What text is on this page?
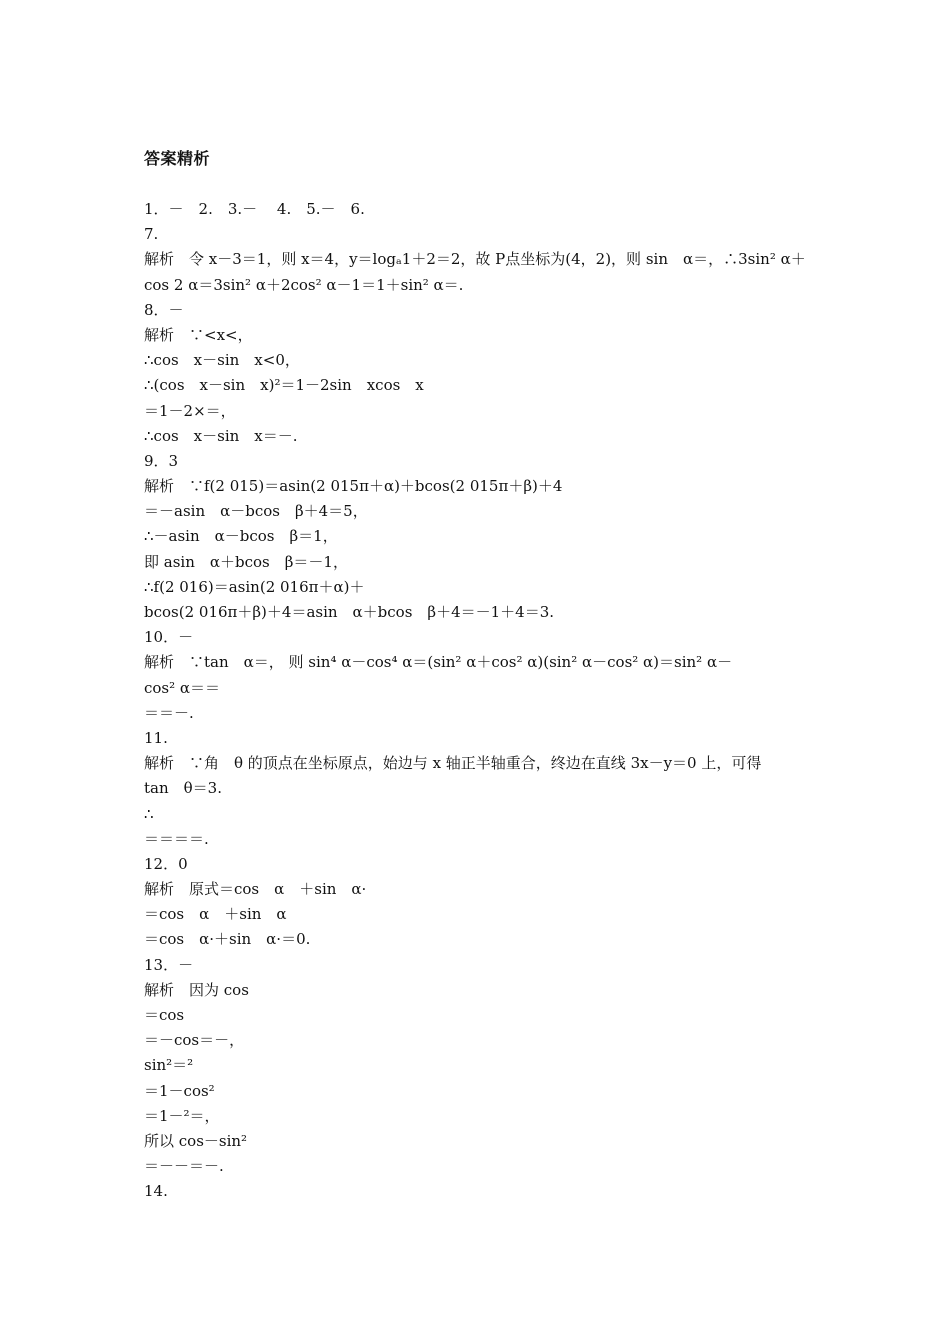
答案精析
1．－　2.　3.－　 4.　5.－　6.
7.
解析　令 x－3＝1，则 x＝4，y＝logₐ1＋2＝2，故 P点坐标为(4，2)，则 sin　α＝，∴3sin² α＋
cos 2 α＝3sin² α＋2cos² α－1＝1＋sin² α＝.
8．－
解析　∵<x<，
∴cos　x－sin　x<0，
∴(cos　x－sin　x)²＝1－2sin　xcos　x
＝1－2×＝，
∴cos　x－sin　x＝－.
9．3
解析　∵f(2 015)＝asin(2 015π＋α)＋bcos(2 015π＋β)＋4
＝－asin　α－bcos　β＋4＝5，
∴－asin　α－bcos　β＝1，
即 asin　α＋bcos　β＝－1，
∴f(2 016)＝asin(2 016π＋α)＋
bcos(2 016π＋β)＋4＝asin　α＋bcos　β＋4＝－1＋4＝3.
10．－
解析　∵tan　α＝， 则 sin⁴ α－cos⁴ α＝(sin² α＋cos² α)(sin² α－cos² α)＝sin² α－
cos² α＝＝
＝＝－.
11.
解析　∵角　θ 的顶点在坐标原点，始边与 x 轴正半轴重合，终边在直线 3x－y＝0 上，可得
tan　θ＝3.
∴
＝＝＝＝.
12．0
解析　原式＝cos　α　＋sin　α·
＝cos　α　＋sin　α
＝cos　α·＋sin　α·＝0.
13．－
解析　因为 cos
＝cos
＝－cos＝－，
sin²＝²
＝1－cos²
＝1－²＝，
所以 cos－sin²
＝－－＝－.
14.
